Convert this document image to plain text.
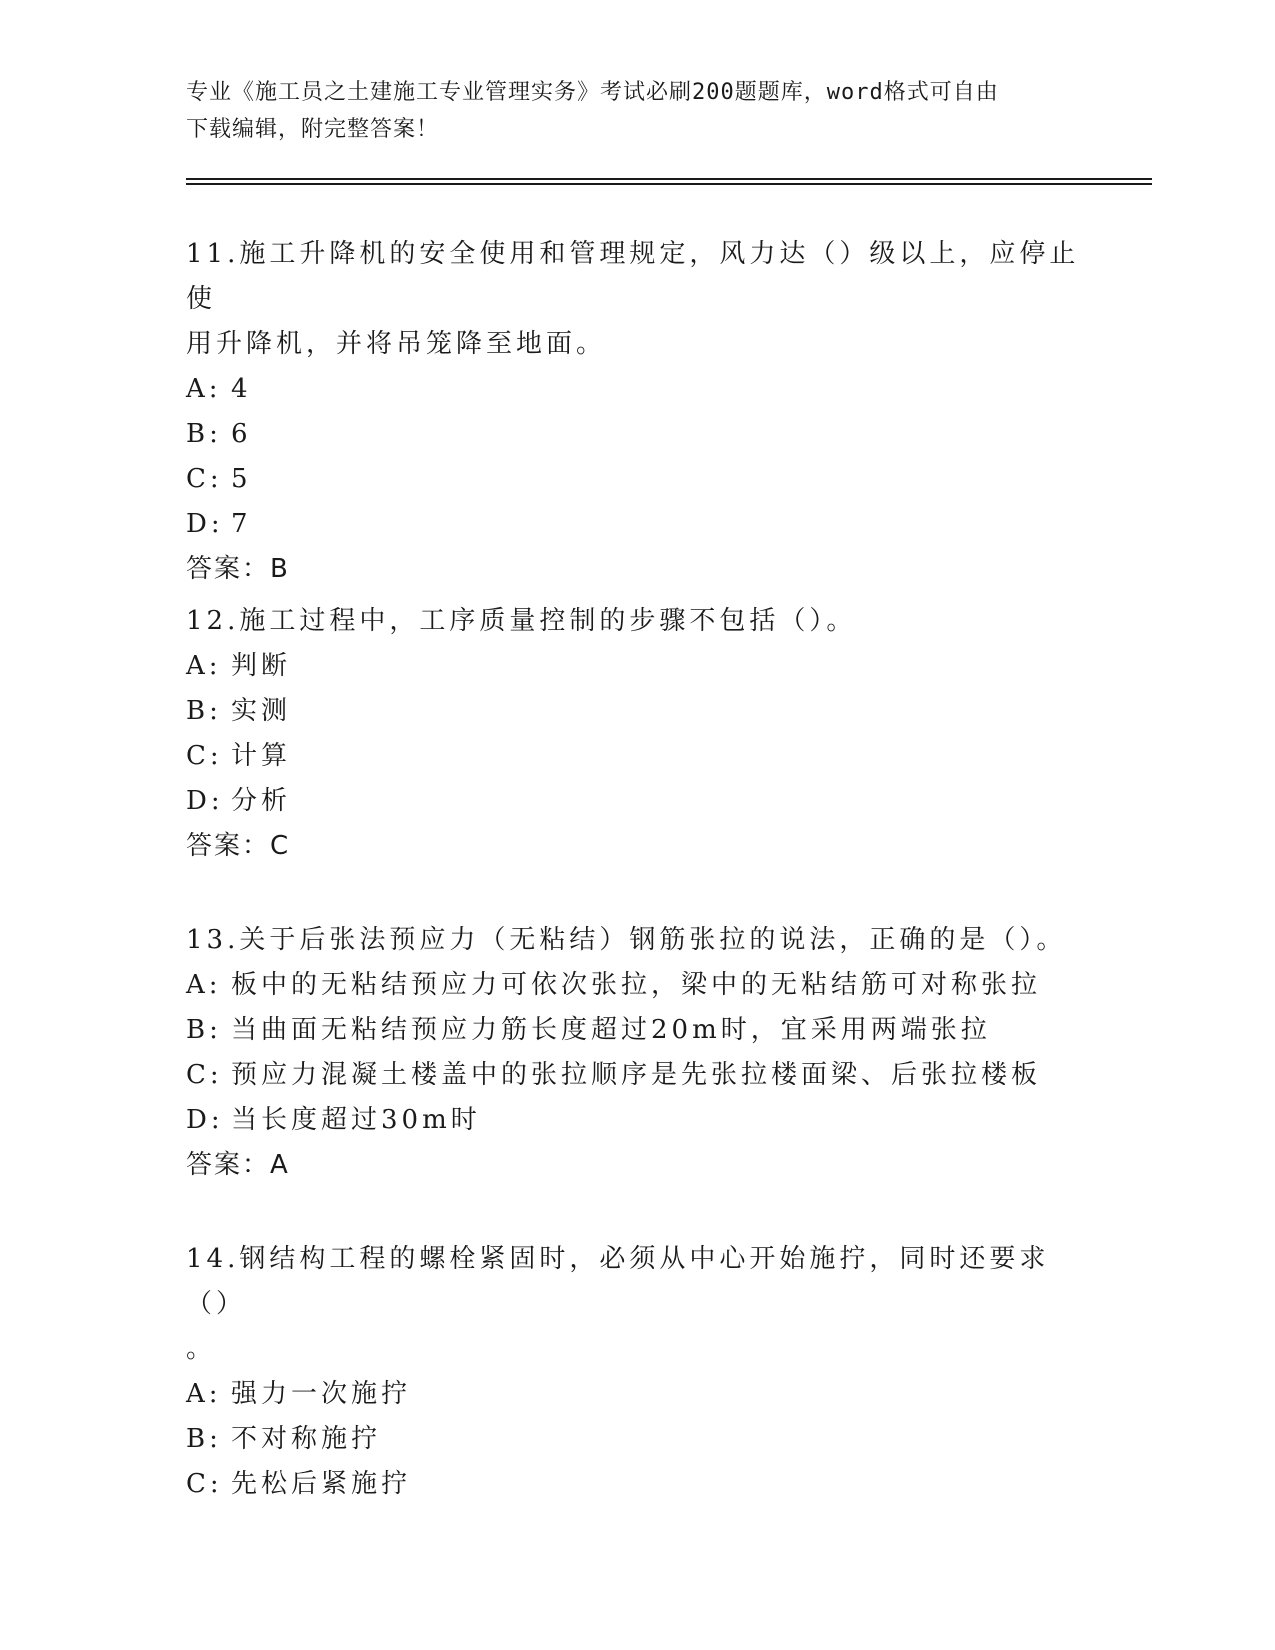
专业《施工员之土建施工专业管理实务》考试必刷200题题库，word格式可自由
下载编辑，附完整答案！

11.施工升降机的安全使用和管理规定，风力达（）级以上，应停止使

用升降机，并将吊笼降至地面。

A: 4

B: 6

C: 5

D: 7

答案：B

12.施工过程中，工序质量控制的步骤不包括（）。

A: 判断

B: 实测

C: 计算

D: 分析

答案：C

13.关于后张法预应力（无粘结）钢筋张拉的说法，正确的是（）。

A: 板中的无粘结预应力可依次张拉，梁中的无粘结筋可对称张拉

B: 当曲面无粘结预应力筋长度超过20m时，宜采用两端张拉

C: 预应力混凝土楼盖中的张拉顺序是先张拉楼面梁、后张拉楼板

D: 当长度超过30m时

答案：A

14.钢结构工程的螺栓紧固时，必须从中心开始施拧，同时还要求（）

。

A: 强力一次施拧

B: 不对称施拧

C: 先松后紧施拧
